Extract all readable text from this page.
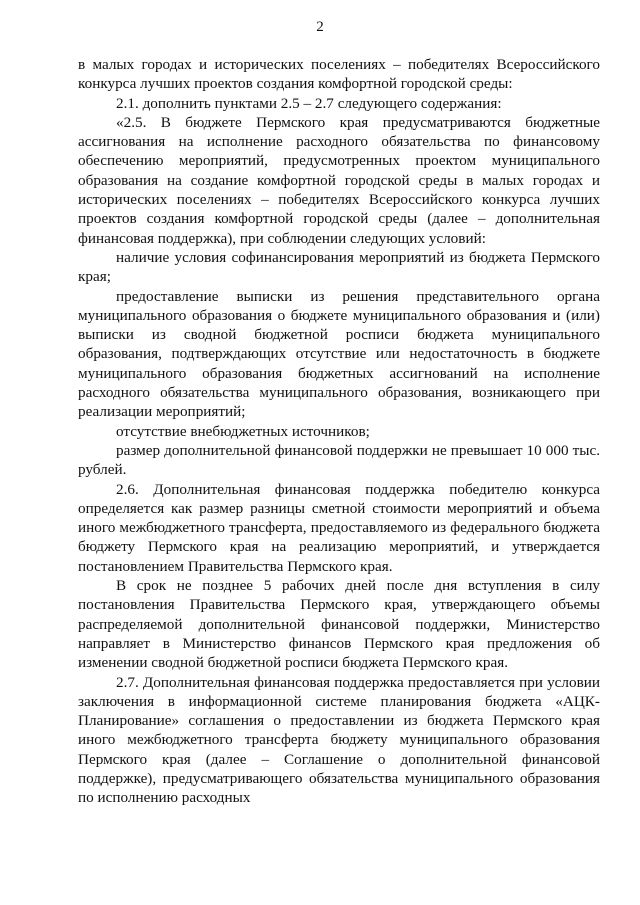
2

в малых городах и исторических поселениях – победителях Всероссийского конкурса лучших проектов создания комфортной городской среды:

2.1. дополнить пунктами 2.5 – 2.7 следующего содержания:

«2.5. В бюджете Пермского края предусматриваются бюджетные ассигнования на исполнение расходного обязательства по финансовому обеспечению мероприятий, предусмотренных проектом муниципального образования на создание комфортной городской среды в малых городах и исторических поселениях – победителях Всероссийского конкурса лучших проектов создания комфортной городской среды (далее – дополнительная финансовая поддержка), при соблюдении следующих условий:

наличие условия софинансирования мероприятий из бюджета Пермского края;

предоставление выписки из решения представительного органа муниципального образования о бюджете муниципального образования и (или) выписки из сводной бюджетной росписи бюджета муниципального образования, подтверждающих отсутствие или недостаточность в бюджете муниципального образования бюджетных ассигнований на исполнение расходного обязательства муниципального образования, возникающего при реализации мероприятий;

отсутствие внебюджетных источников;

размер дополнительной финансовой поддержки не превышает 10 000 тыс. рублей.

2.6. Дополнительная финансовая поддержка победителю конкурса определяется как размер разницы сметной стоимости мероприятий и объема иного межбюджетного трансферта, предоставляемого из федерального бюджета бюджету Пермского края на реализацию мероприятий, и утверждается постановлением Правительства Пермского края.

В срок не позднее 5 рабочих дней после дня вступления в силу постановления Правительства Пермского края, утверждающего объемы распределяемой дополнительной финансовой поддержки, Министерство направляет в Министерство финансов Пермского края предложения об изменении сводной бюджетной росписи бюджета Пермского края.

2.7. Дополнительная финансовая поддержка предоставляется при условии заключения в информационной системе планирования бюджета «АЦК-Планирование» соглашения о предоставлении из бюджета Пермского края иного межбюджетного трансферта бюджету муниципального образования Пермского края (далее – Соглашение о дополнительной финансовой поддержке), предусматривающего обязательства муниципального образования по исполнению расходных
